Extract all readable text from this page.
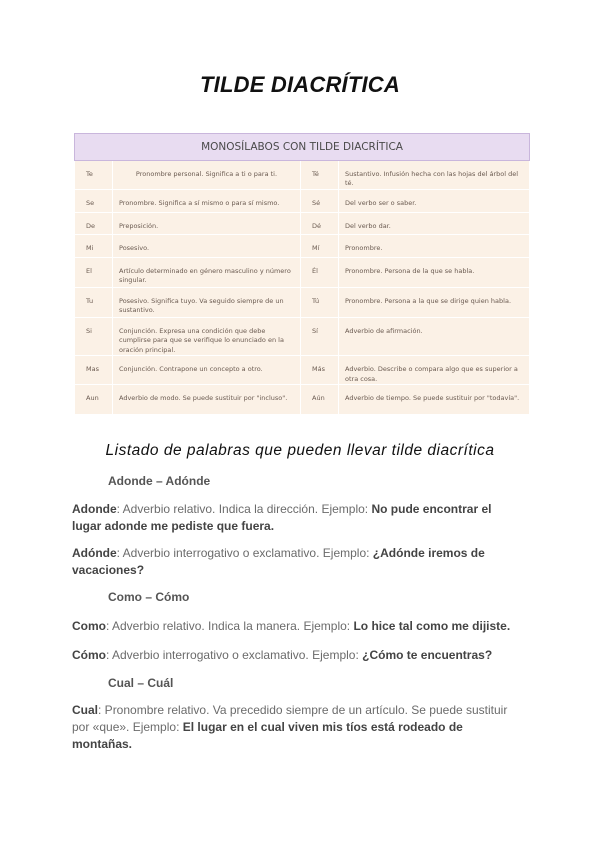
TILDE DIACRÍTICA
MONOSÍLABOS CON TILDE DIACRÍTICA			
Te	Pronombre personal. Significa a ti o para ti.	Té	Sustantivo. Infusión hecha con las hojas del árbol del té.
Se	Pronombre. Significa a sí mismo o para sí mismo.	Sé	Del verbo ser o saber.
De	Preposición.	Dé	Del verbo dar.
Mi	Posesivo.	Mí	Pronombre.
El	Artículo determinado en género masculino y número singular.	Él	Pronombre. Persona de la que se habla.
Tu	Posesivo. Significa tuyo. Va seguido siempre de un sustantivo.	Tú	Pronombre. Persona a la que se dirige quien habla.
Si	Conjunción. Expresa una condición que debe cumplirse para que se verifique lo enunciado en la oración principal.	Sí	Adverbio de afirmación.
Mas	Conjunción. Contrapone un concepto a otro.	Más	Adverbio. Describe o compara algo que es superior a otra cosa.
Aun	Adverbio de modo. Se puede sustituir por "incluso".	Aún	Adverbio de tiempo. Se puede sustituir por "todavía".
Listado de palabras que pueden llevar tilde diacrítica
Adonde – Adónde
Adonde: Adverbio relativo. Indica la dirección. Ejemplo: No pude encontrar el lugar adonde me pediste que fuera.
Adónde: Adverbio interrogativo o exclamativo. Ejemplo: ¿Adónde iremos de vacaciones?
Como – Cómo
Como: Adverbio relativo. Indica la manera. Ejemplo: Lo hice tal como me dijiste.
Cómo: Adverbio interrogativo o exclamativo. Ejemplo: ¿Cómo te encuentras?
Cual – Cuál
Cual: Pronombre relativo. Va precedido siempre de un artículo. Se puede sustituir por «que». Ejemplo: El lugar en el cual viven mis tíos está rodeado de montañas.
